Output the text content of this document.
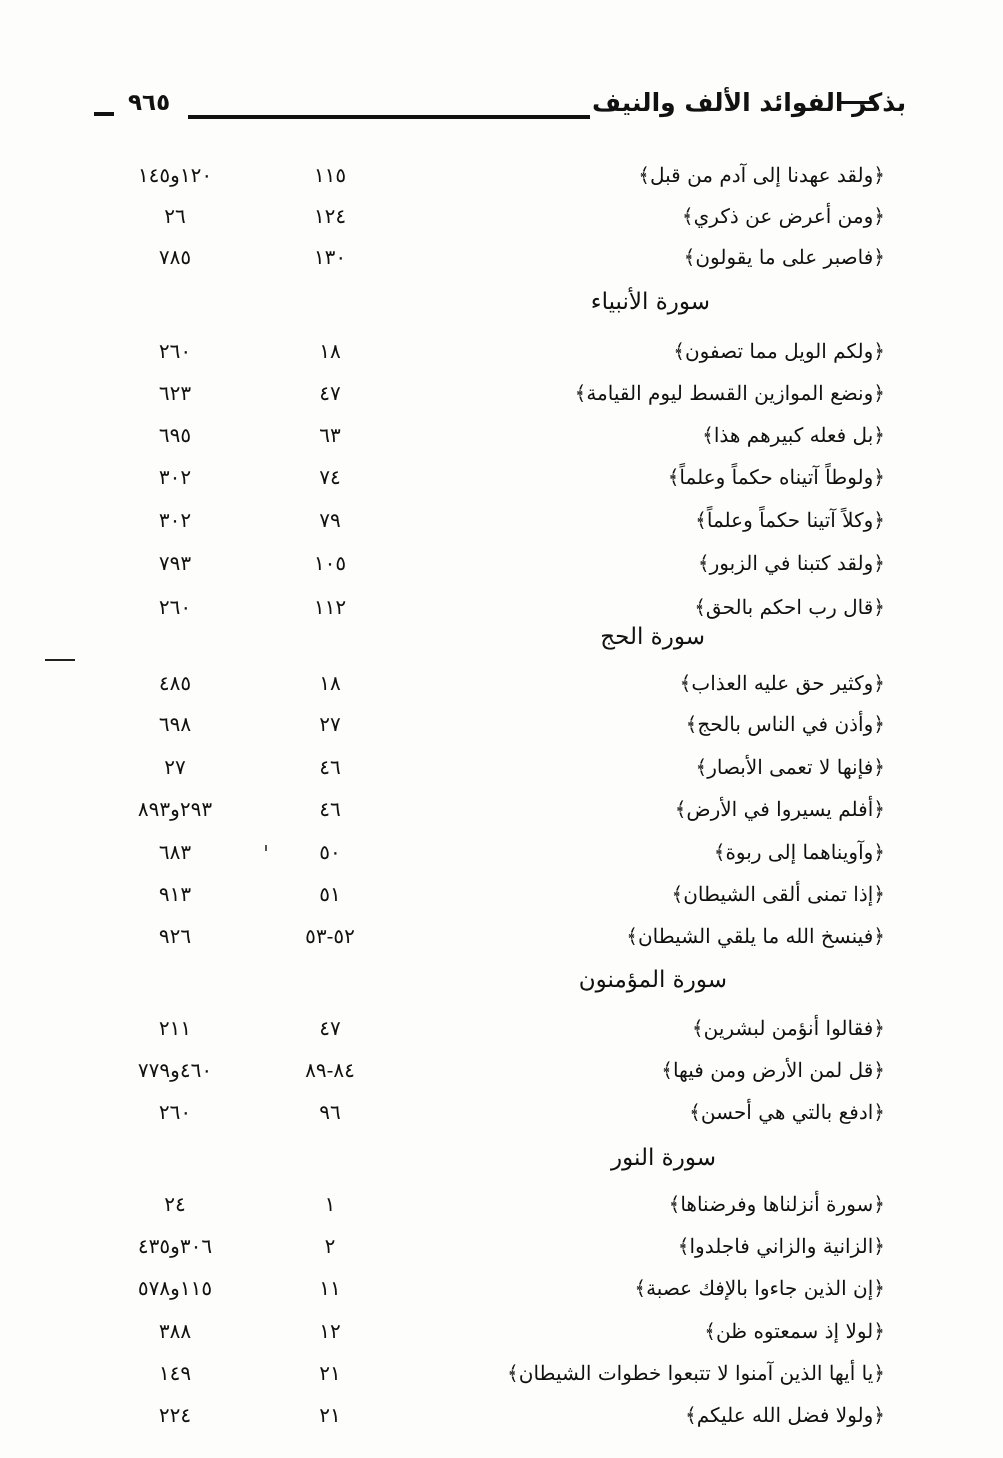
بذكر الفوائد الألف والنيف
٩٦٥
﴿ولقد عهدنا إلى آدم من قبل﴾
١١٥
١٢٠و١٤٥
﴿ومن أعرض عن ذكري﴾
١٢٤
٢٦
﴿فاصبر على ما يقولون﴾
١٣٠
٧٨٥
سورة الأنبياء
﴿ولكم الويل مما تصفون﴾
١٨
٢٦٠
﴿ونضع الموازين القسط ليوم القيامة﴾
٤٧
٦٢٣
﴿بل فعله كبيرهم هذا﴾
٦٣
٦٩٥
﴿ولوطاً آتيناه حكماً وعلماً﴾
٧٤
٣٠٢
﴿وكلاً آتينا حكماً وعلماً﴾
٧٩
٣٠٢
﴿ولقد كتبنا في الزبور﴾
١٠٥
٧٩٣
﴿قال رب احكم بالحق﴾
١١٢
٢٦٠
سورة الحج
﴿وكثير حق عليه العذاب﴾
١٨
٤٨٥
﴿وأذن في الناس بالحج﴾
٢٧
٦٩٨
﴿فإنها لا تعمى الأبصار﴾
٤٦
٢٧
﴿أفلم يسيروا في الأرض﴾
٤٦
٢٩٣و٨٩٣
﴿وآويناهما إلى ربوة﴾
٥٠
٦٨٣
﴿إذا تمنى ألقى الشيطان﴾
٥١
٩١٣
﴿فينسخ الله ما يلقي الشيطان﴾
٥٢-٥٣
٩٢٦
سورة المؤمنون
﴿فقالوا أنؤمن لبشرين﴾
٤٧
٢١١
﴿قل لمن الأرض ومن فيها﴾
٨٤-٨٩
٤٦٠و٧٧٩
﴿ادفع بالتي هي أحسن﴾
٩٦
٢٦٠
سورة النور
﴿سورة أنزلناها وفرضناها﴾
١
٢٤
﴿الزانية والزاني فاجلدوا﴾
٢
٣٠٦و٤٣٥
﴿إن الذين جاءوا بالإفك عصبة﴾
١١
١١٥و٥٧٨
﴿لولا إذ سمعتوه ظن﴾
١٢
٣٨٨
﴿يا أيها الذين آمنوا لا تتبعوا خطوات الشيطان﴾
٢١
١٤٩
﴿ولولا فضل الله عليكم﴾
٢١
٢٢٤
